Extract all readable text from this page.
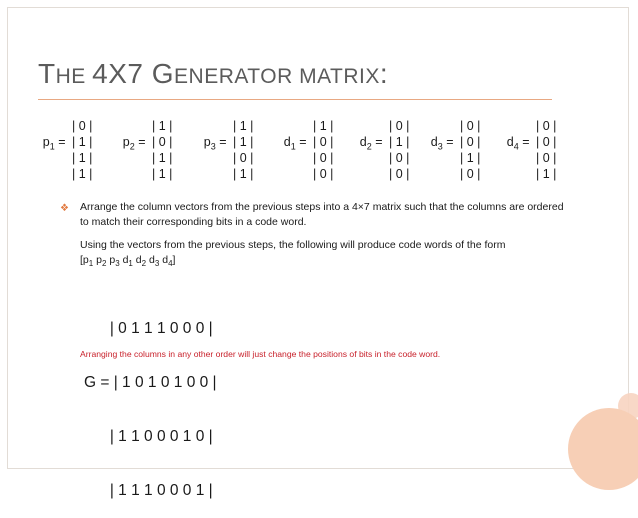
THE 4X7 GENERATOR MATRIX:
$p_1$ =
| 0 |
| 1 |
| 1 |
| 1 |
$p_2$ =
| 1 |
| 0 |
| 1 |
| 1 |
$p_3$ =
| 1 |
| 1 |
| 0 |
| 1 |
$d_1$ =
| 1 |
| 0 |
| 0 |
| 0 |
$d_2$ =
| 0 |
| 1 |
| 0 |
| 0 |
$d_3$ =
| 0 |
| 0 |
| 1 |
| 0 |
$d_4$ =
| 0 |
| 0 |
| 0 |
| 1 |
❖ Arrange the column vectors from the previous steps into a 4×7 matrix such that the columns are ordered
to match their corresponding bits in a code word.
Using the vectors from the previous steps, the following will produce code words of the form
[$p_1$ $p_2$ $p_3$ $d_1$ $d_2$ $d_3$ $d_4$]

| 0 1 1 1 0 0 0 |

G = | 1 0 1 0 1 0 0 |

| 1 1 0 0 0 1 0 |

| 1 1 1 0 0 0 1 |

Arranging the columns in any other order will just change the positions of bits in the code word.
